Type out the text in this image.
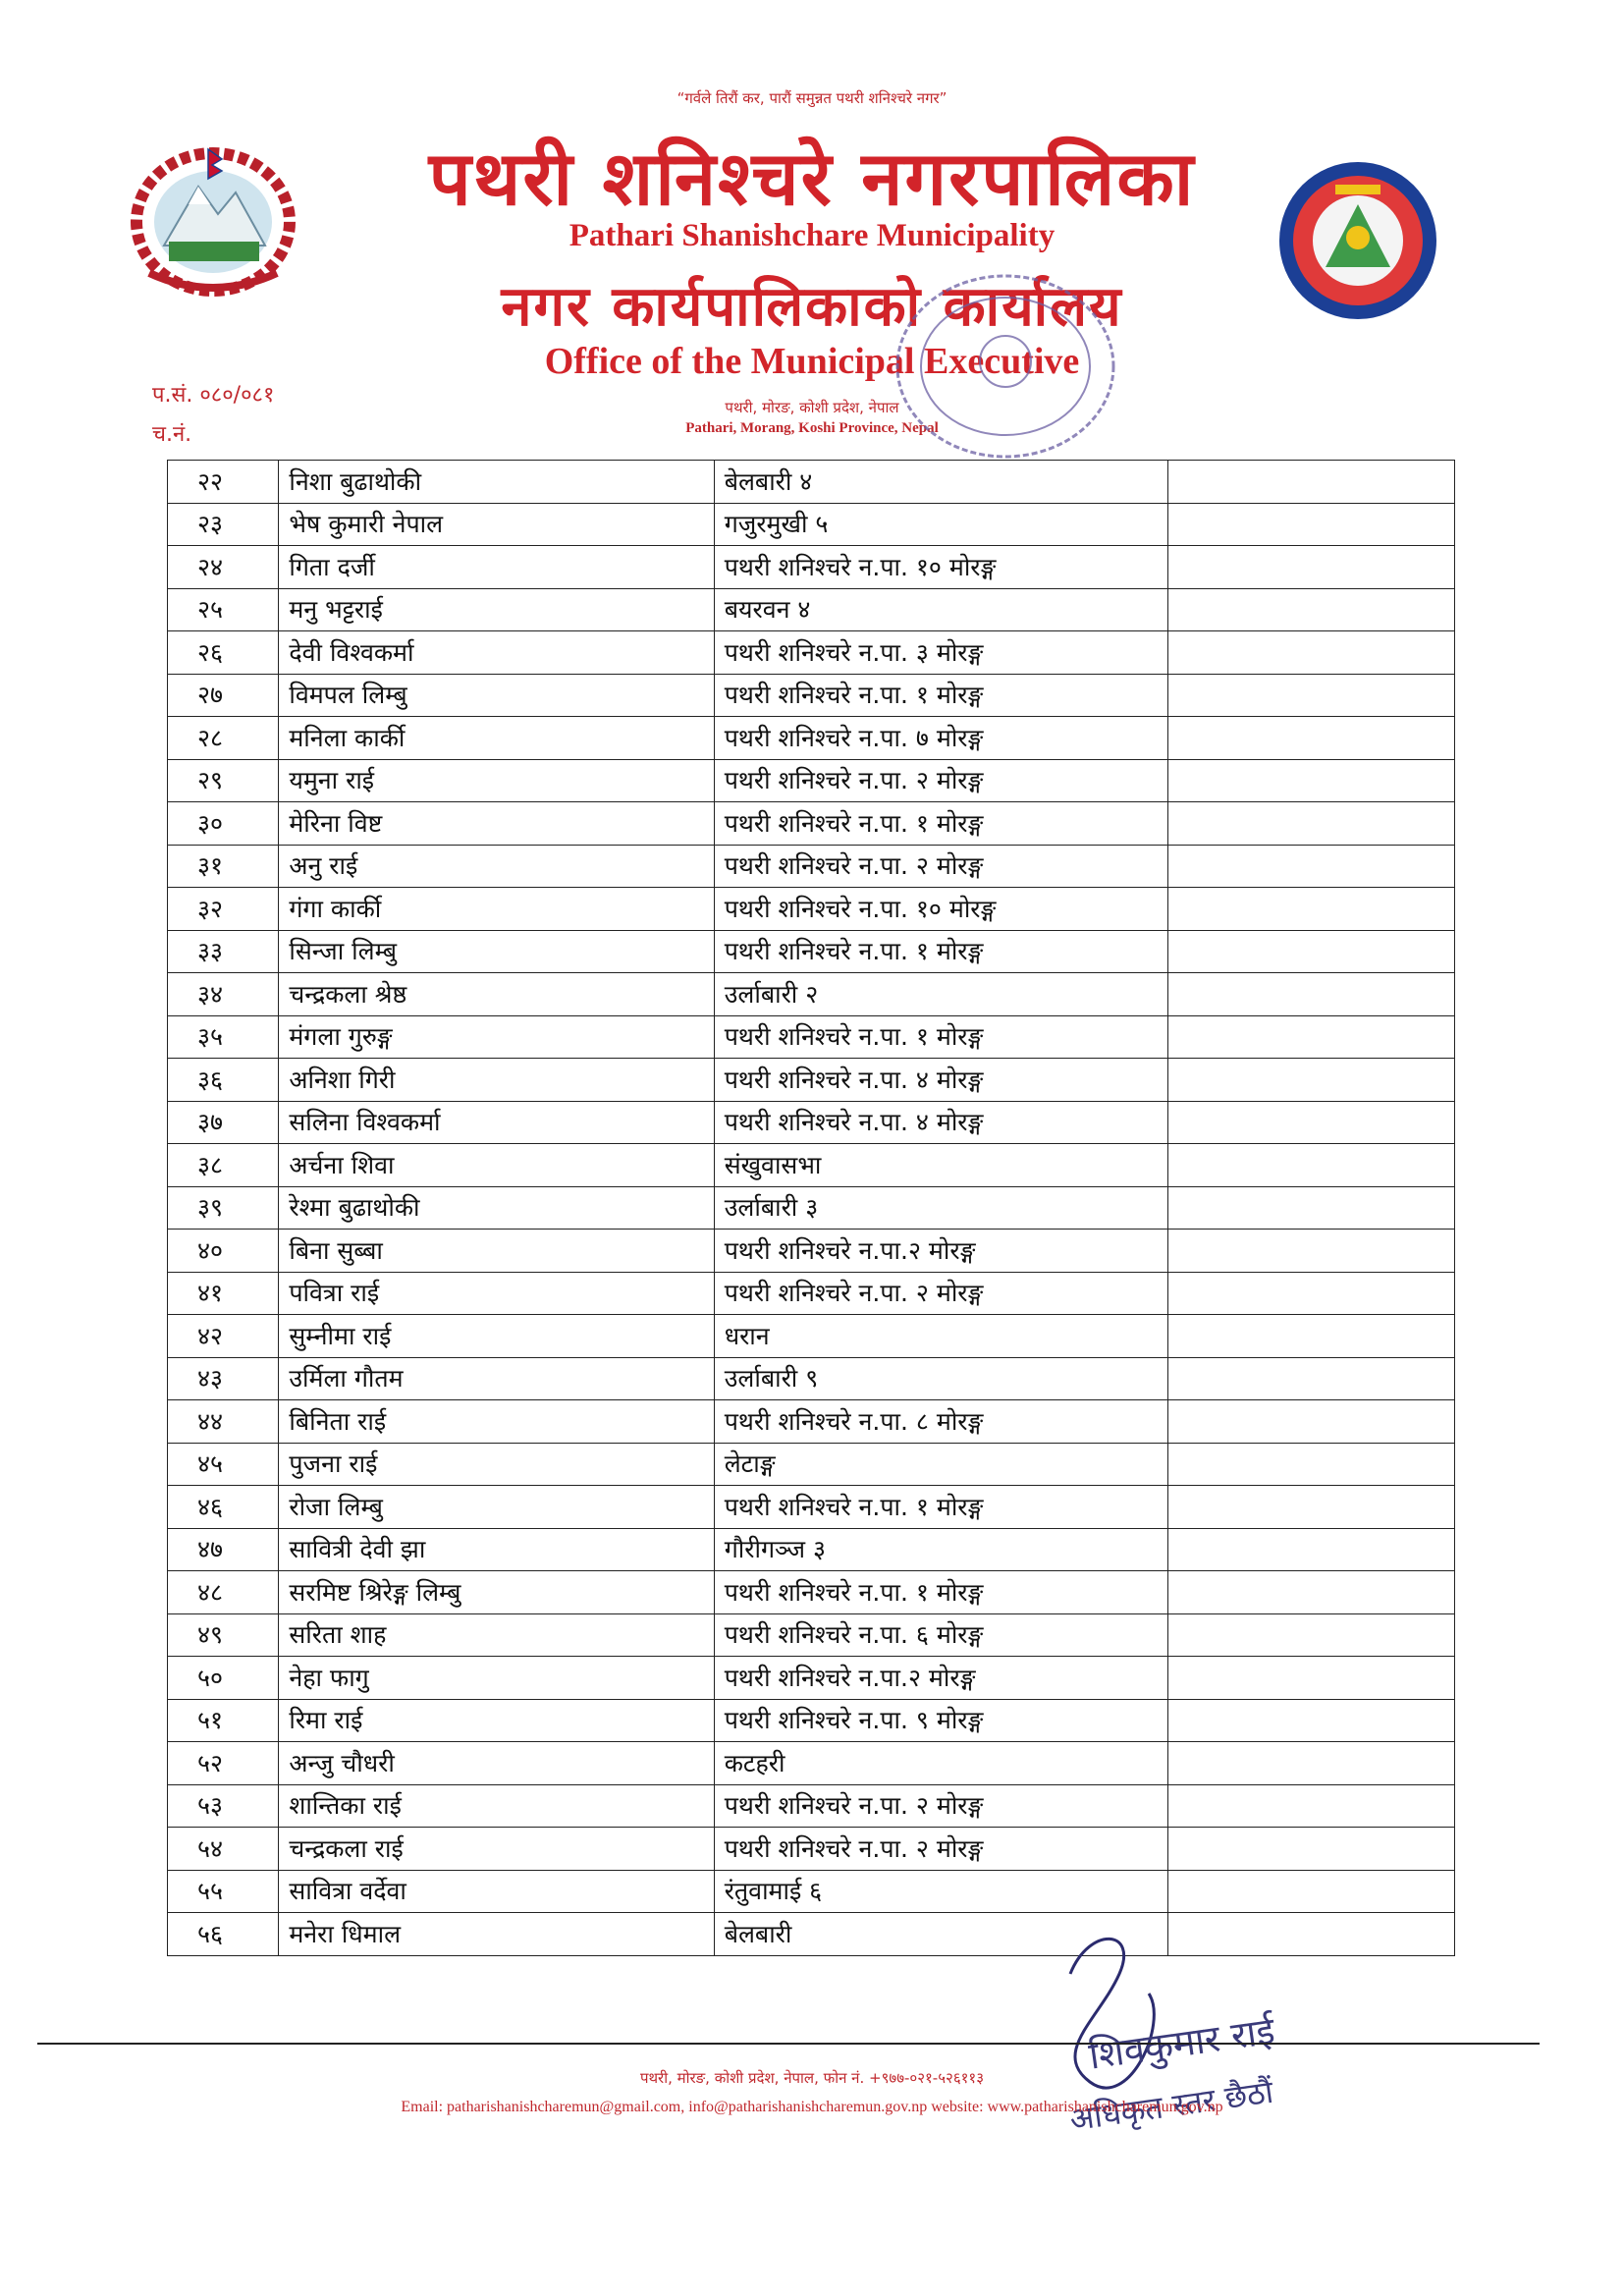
“गर्वले तिरौं कर, पारौं समुन्नत पथरी शनिश्चरे नगर”
पथरी शनिश्चरे नगरपालिका
Pathari Shanishchare Municipality
नगर कार्यपालिकाको कार्यालय
Office of the Municipal Executive
पथरी, मोरङ, कोशी प्रदेश, नेपाल
Pathari, Morang, Koshi Province, Nepal
प.सं. ०८०/०८१
च.नं.
२२	निशा बुढाथोकी	बेलबारी ४	
२३	भेष कुमारी नेपाल	गजुरमुखी ५	
२४	गिता दर्जी	पथरी शनिश्चरे न.पा. १० मोरङ्ग	
२५	मनु भट्टराई	बयरवन ४	
२६	देवी विश्वकर्मा	पथरी शनिश्चरे न.पा. ३ मोरङ्ग	
२७	विमपल लिम्बु	पथरी शनिश्चरे न.पा. १ मोरङ्ग	
२८	मनिला कार्की	पथरी शनिश्चरे न.पा. ७ मोरङ्ग	
२९	यमुना राई	पथरी शनिश्चरे न.पा. २ मोरङ्ग	
३०	मेरिना विष्ट	पथरी शनिश्चरे न.पा. १ मोरङ्ग	
३१	अनु राई	पथरी शनिश्चरे न.पा. २ मोरङ्ग	
३२	गंगा कार्की	पथरी शनिश्चरे न.पा. १० मोरङ्ग	
३३	सिन्जा लिम्बु	पथरी शनिश्चरे न.पा. १ मोरङ्ग	
३४	चन्द्रकला श्रेष्ठ	उर्लाबारी २	
३५	मंगला गुरुङ्ग	पथरी शनिश्चरे न.पा. १ मोरङ्ग	
३६	अनिशा गिरी	पथरी शनिश्चरे न.पा. ४ मोरङ्ग	
३७	सलिना विश्वकर्मा	पथरी शनिश्चरे न.पा. ४ मोरङ्ग	
३८	अर्चना शिवा	संखुवासभा	
३९	रेश्मा बुढाथोकी	उर्लाबारी ३	
४०	बिना सुब्बा	पथरी शनिश्चरे न.पा.२ मोरङ्ग	
४१	पवित्रा राई	पथरी शनिश्चरे न.पा. २ मोरङ्ग	
४२	सुम्नीमा राई	धरान	
४३	उर्मिला गौतम	उर्लाबारी ९	
४४	बिनिता राई	पथरी शनिश्चरे न.पा. ८ मोरङ्ग	
४५	पुजना राई	लेटाङ्ग	
४६	रोजा लिम्बु	पथरी शनिश्चरे न.पा. १ मोरङ्ग	
४७	सावित्री देवी झा	गौरीगञ्ज ३	
४८	सरमिष्ट श्रिरेङ्ग लिम्बु	पथरी शनिश्चरे न.पा. १ मोरङ्ग	
४९	सरिता शाह	पथरी शनिश्चरे न.पा. ६ मोरङ्ग	
५०	नेहा फागु	पथरी शनिश्चरे न.पा.२ मोरङ्ग	
५१	रिमा राई	पथरी शनिश्चरे न.पा. ९ मोरङ्ग	
५२	अन्जु चौधरी	कटहरी	
५३	शान्तिका राई	पथरी शनिश्चरे न.पा. २ मोरङ्ग	
५४	चन्द्रकला राई	पथरी शनिश्चरे न.पा. २ मोरङ्ग	
५५	सावित्रा वर्देवा	रंतुवामाई ६	
५६	मनेरा धिमाल	बेलबारी	
शिवकुमार राई
अधिकृत स्तर छैठौं
पथरी, मोरङ, कोशी प्रदेश, नेपाल, फोन नं. +९७७-०२१-५२६११३
Email: patharishanishcharemun@gmail.com, info@patharishanishcharemun.gov.np website: www.patharishanishcharemun.gov.np
